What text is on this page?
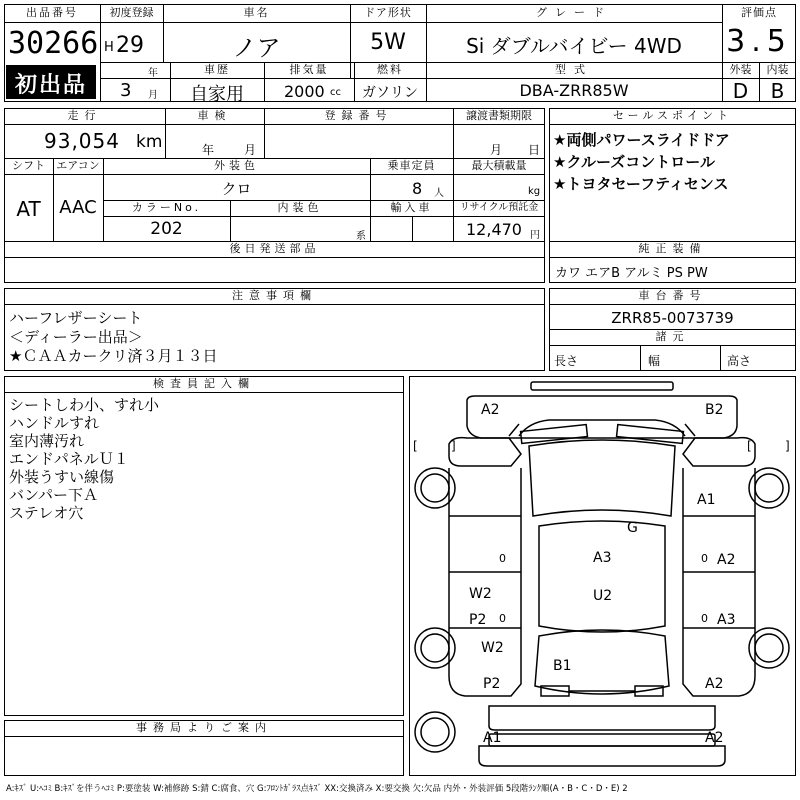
出品番号
30266
初出品
初度登録
H 29
年
3 月
車名
ノア
ドア形状
5W
グレード
Si ダブルバイビー 4WD
評価点
3.5
車歴
自家用
排気量
2000 cc
燃料
ガソリン
型式
DBA-ZRR85W
外装	内装
D	B
走行
93,054 km
車検
年 月
登録番号	譲渡書類期限
月 日
シフト	エアコン
AT	AAC
外装色
クロ
乗車定員
8 人
最大積載量
kg
カラーNo.
202
内装色
系
輸入車	リサイクル預託金
12,470 円
後日発送部品
セールスポイント
★両側パワースライドドア
★クルーズコントロール
★トヨタセーフティセンス
純正装備
カワ エアB アルミ PS PW
注意事項欄
ハーフレザーシート
＜ディーラー出品＞
★ＣＡＡカークリ済３月１３日
車台番号
ZRR85-0073739
諸元
長さ	幅	高さ
検査員記入欄
シートしわ小、すれ小
ハンドルすれ
室内薄汚れ
エンドパネルＵ１
外装うすい線傷
バンパー下Ａ
ステレオ穴
事務局よりご案内
A2	B2
A1
G
A3	A2
W2	U2
P2	A3
W2
B1
P2	A2
A1	A2
0	0
0	0
[	]	[	]
A:ｷｽﾞ U:ﾍｺﾐ B:ｷｽﾞを伴うﾍｺﾐ P:要塗装 W:補修跡 S:錆 C:腐食、穴 G:ﾌﾛﾝﾄｶﾞﾗｽ点ｷｽﾞ XX:交換済み X:要交換 欠:欠品 内外・外装評価 5段階ﾗﾝｸ順(A・B・C・D・E) 2
